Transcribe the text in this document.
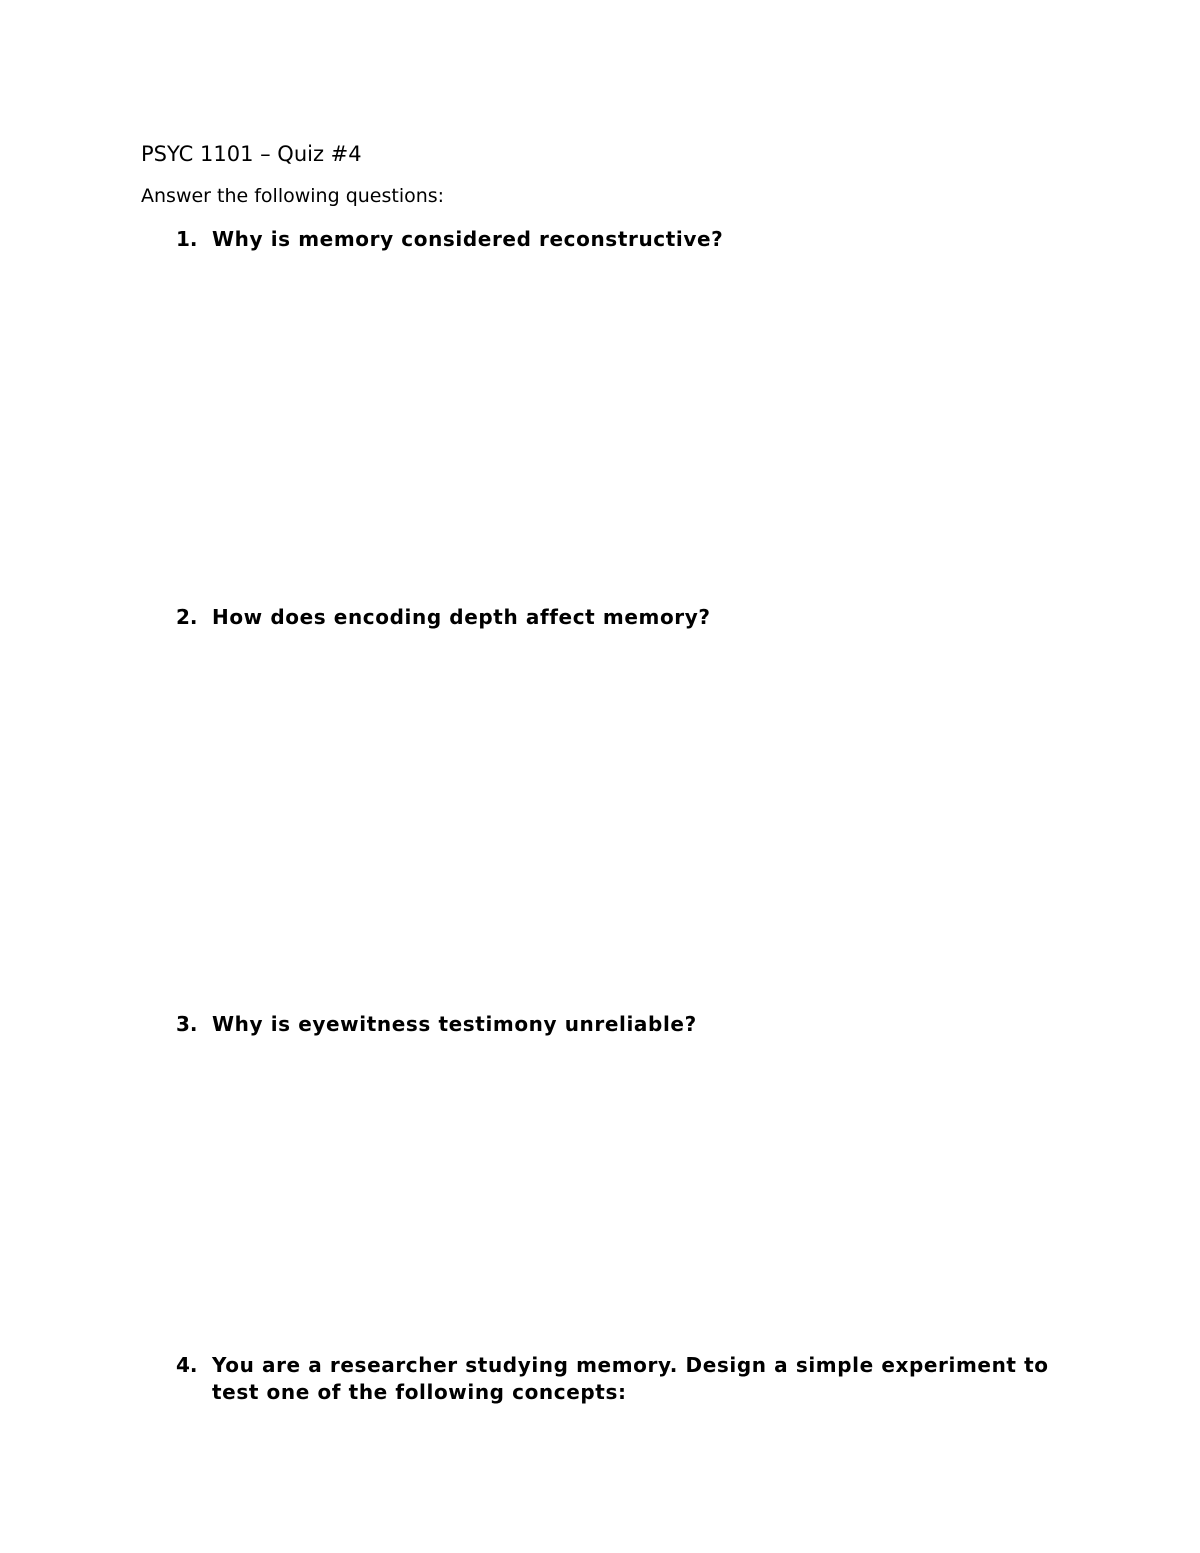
PSYC 1101 – Quiz #4
Answer the following questions:
1. Why is memory considered reconstructive?
2. How does encoding depth affect memory?
3. Why is eyewitness testimony unreliable?
4. You are a researcher studying memory. Design a simple experiment to test one of the following concepts:
